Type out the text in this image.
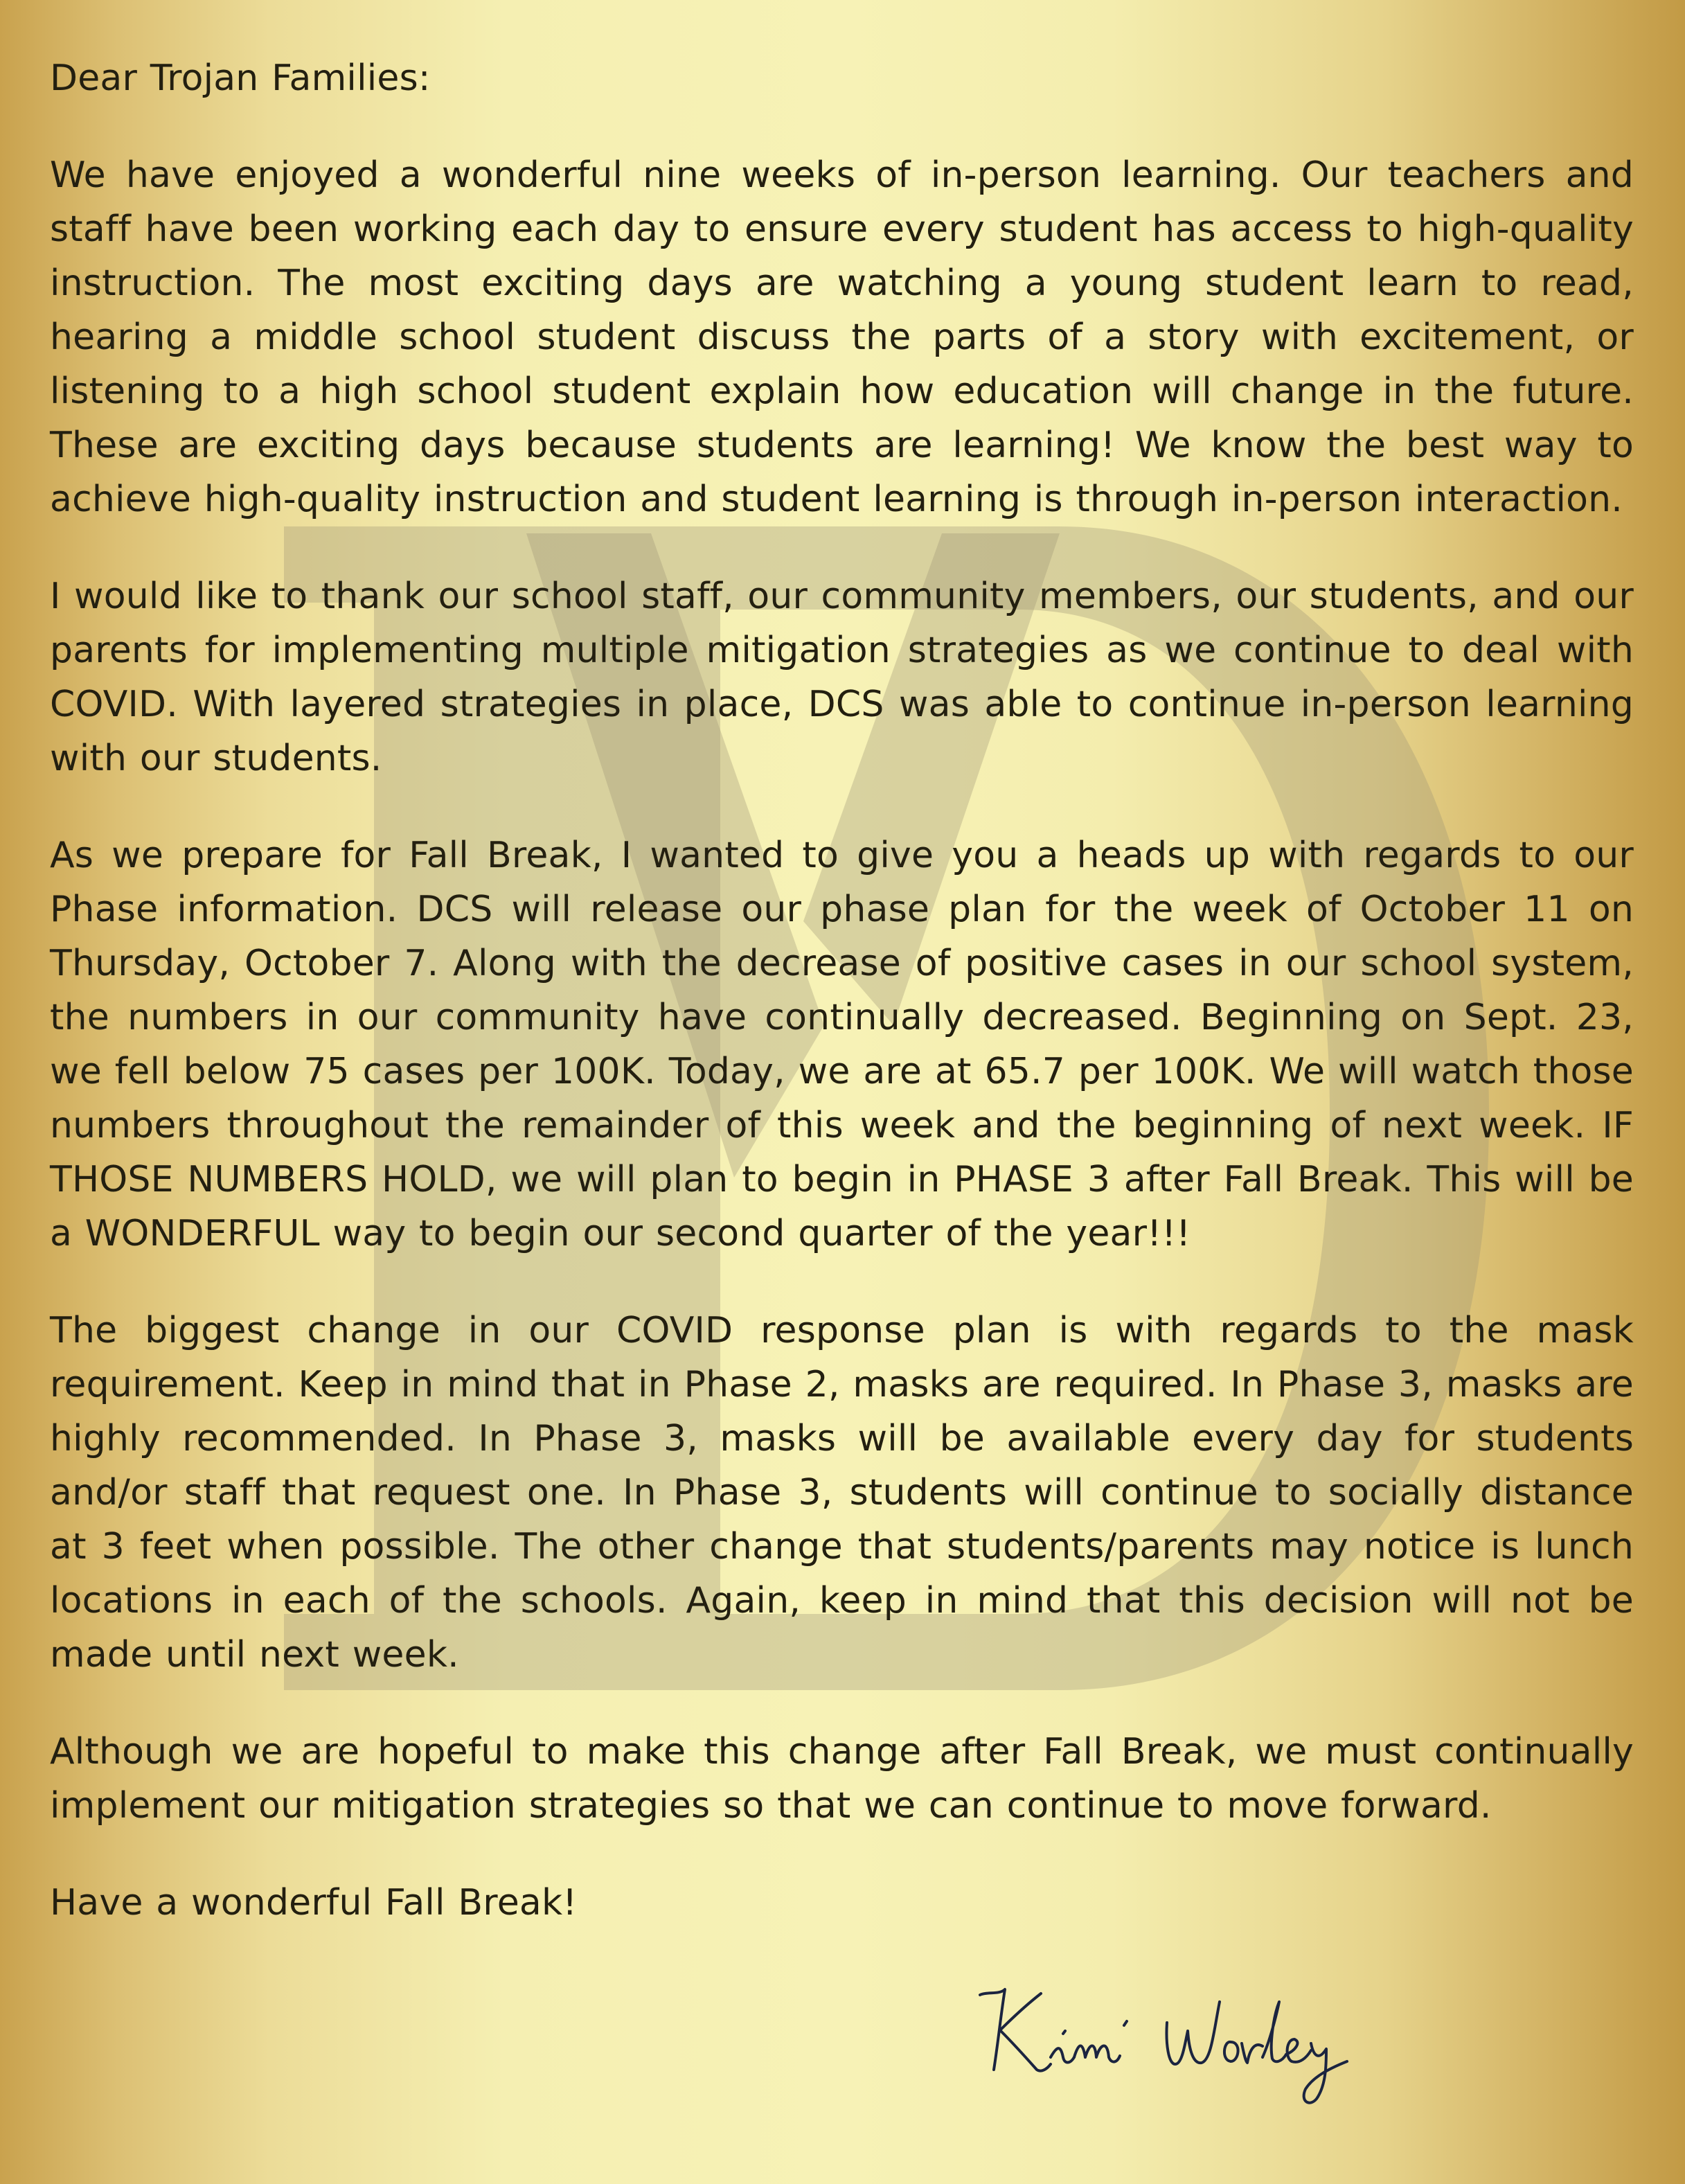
Dear Trojan Families:

We have enjoyed a wonderful nine weeks of in-person learning. Our teachers and staff have been working each day to ensure every student has access to high-quality instruction. The most exciting days are watching a young student learn to read, hearing a middle school student discuss the parts of a story with excitement, or listening to a high school student explain how education will change in the future. These are exciting days because students are learning! We know the best way to achieve high-quality instruction and student learning is through in-person interaction.

I would like to thank our school staff, our community members, our students, and our parents for implementing multiple mitigation strategies as we continue to deal with COVID. With layered strategies in place, DCS was able to continue in-person learning with our students.

As we prepare for Fall Break, I wanted to give you a heads up with regards to our Phase information. DCS will release our phase plan for the week of October 11 on Thursday, October 7. Along with the decrease of positive cases in our school system, the numbers in our community have continually decreased. Beginning on Sept. 23, we fell below 75 cases per 100K. Today, we are at 65.7 per 100K. We will watch those numbers throughout the remainder of this week and the beginning of next week. IF THOSE NUMBERS HOLD, we will plan to begin in PHASE 3 after Fall Break. This will be a WONDERFUL way to begin our second quarter of the year!!!

The biggest change in our COVID response plan is with regards to the mask requirement. Keep in mind that in Phase 2, masks are required. In Phase 3, masks are highly recommended. In Phase 3, masks will be available every day for students and/or staff that request one. In Phase 3, students will continue to socially distance at 3 feet when possible. The other change that students/parents may notice is lunch locations in each of the schools. Again, keep in mind that this decision will not be made until next week.

Although we are hopeful to make this change after Fall Break, we must continually implement our mitigation strategies so that we can continue to move forward.

Have a wonderful Fall Break!
